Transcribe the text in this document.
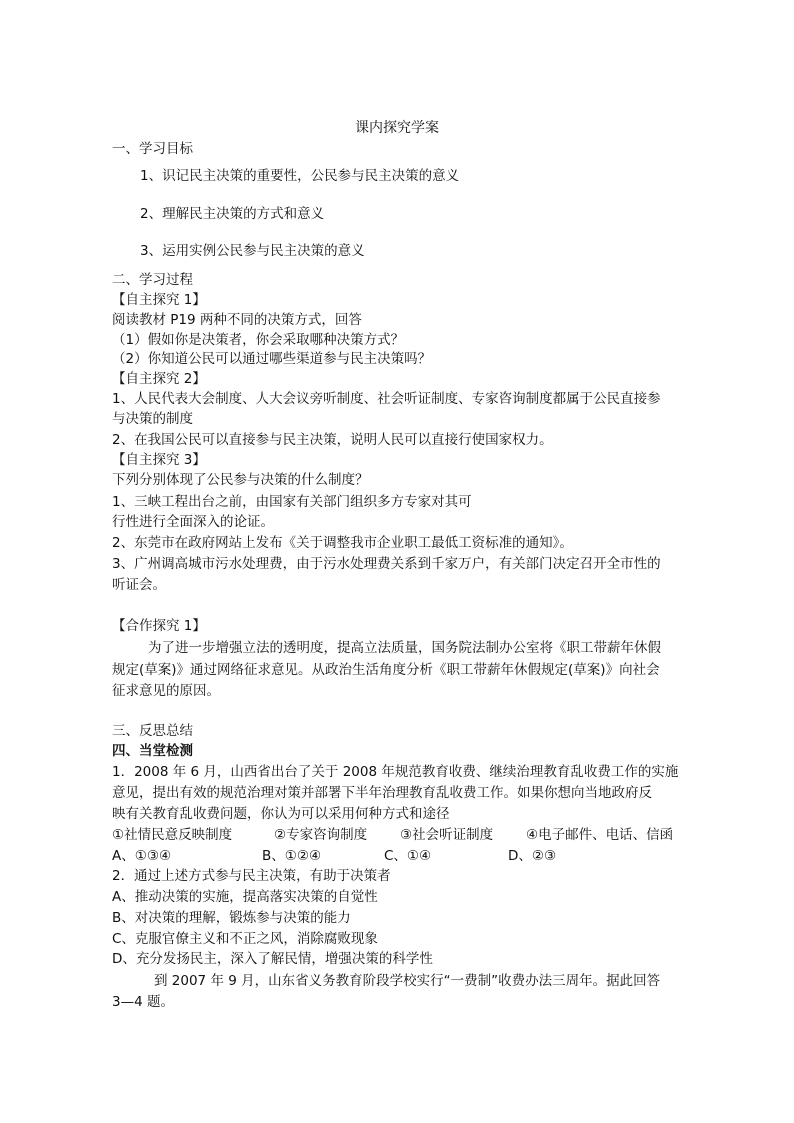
课内探究学案
一、学习目标
1、识记民主决策的重要性，公民参与民主决策的意义
2、理解民主决策的方式和意义
3、运用实例公民参与民主决策的意义
二、学习过程
【自主探究 1】
阅读教材 P19 两种不同的决策方式，回答
（1）假如你是决策者，你会采取哪种决策方式？
（2）你知道公民可以通过哪些渠道参与民主决策吗？
【自主探究 2】
1、人民代表大会制度、人大会议旁听制度、社会听证制度、专家咨询制度都属于公民直接参
与决策的制度
2、在我国公民可以直接参与民主决策，说明人民可以直接行使国家权力。
【自主探究 3】
下列分别体现了公民参与决策的什么制度？
1、三峡工程出台之前，由国家有关部门组织多方专家对其可
行性进行全面深入的论证。
2、东莞市在政府网站上发布《关于调整我市企业职工最低工资标准的通知》。
3、广州调高城市污水处理费，由于污水处理费关系到千家万户，有关部门决定召开全市性的
听证会。
【合作探究 1】
为了进一步增强立法的透明度，提高立法质量，国务院法制办公室将《职工带薪年休假
规定(草案)》通过网络征求意见。从政治生活角度分析《职工带薪年休假规定(草案)》向社会
征求意见的原因。
三、反思总结
四、当堂检测
1．2008 年 6 月，山西省出台了关于 2008 年规范教育收费、继续治理教育乱收费工作的实施
意见，提出有效的规范治理对策并部署下半年治理教育乱收费工作。如果你想向当地政府反
映有关教育乱收费问题，你认为可以采用何种方式和途径
①社情民意反映制度	②专家咨询制度 ③社会听证制度 ④电子邮件、电话、信函
A、①③④	B、①②④	C、①④	D、②③
2．通过上述方式参与民主决策，有助于决策者
A、推动决策的实施，提高落实决策的自觉性
B、对决策的理解，锻炼参与决策的能力
C、克服官僚主义和不正之风，消除腐败现象
D、充分发扬民主，深入了解民情，增强决策的科学性
到 2007 年 9 月，山东省义务教育阶段学校实行“一费制”收费办法三周年。据此回答
3—4 题。
